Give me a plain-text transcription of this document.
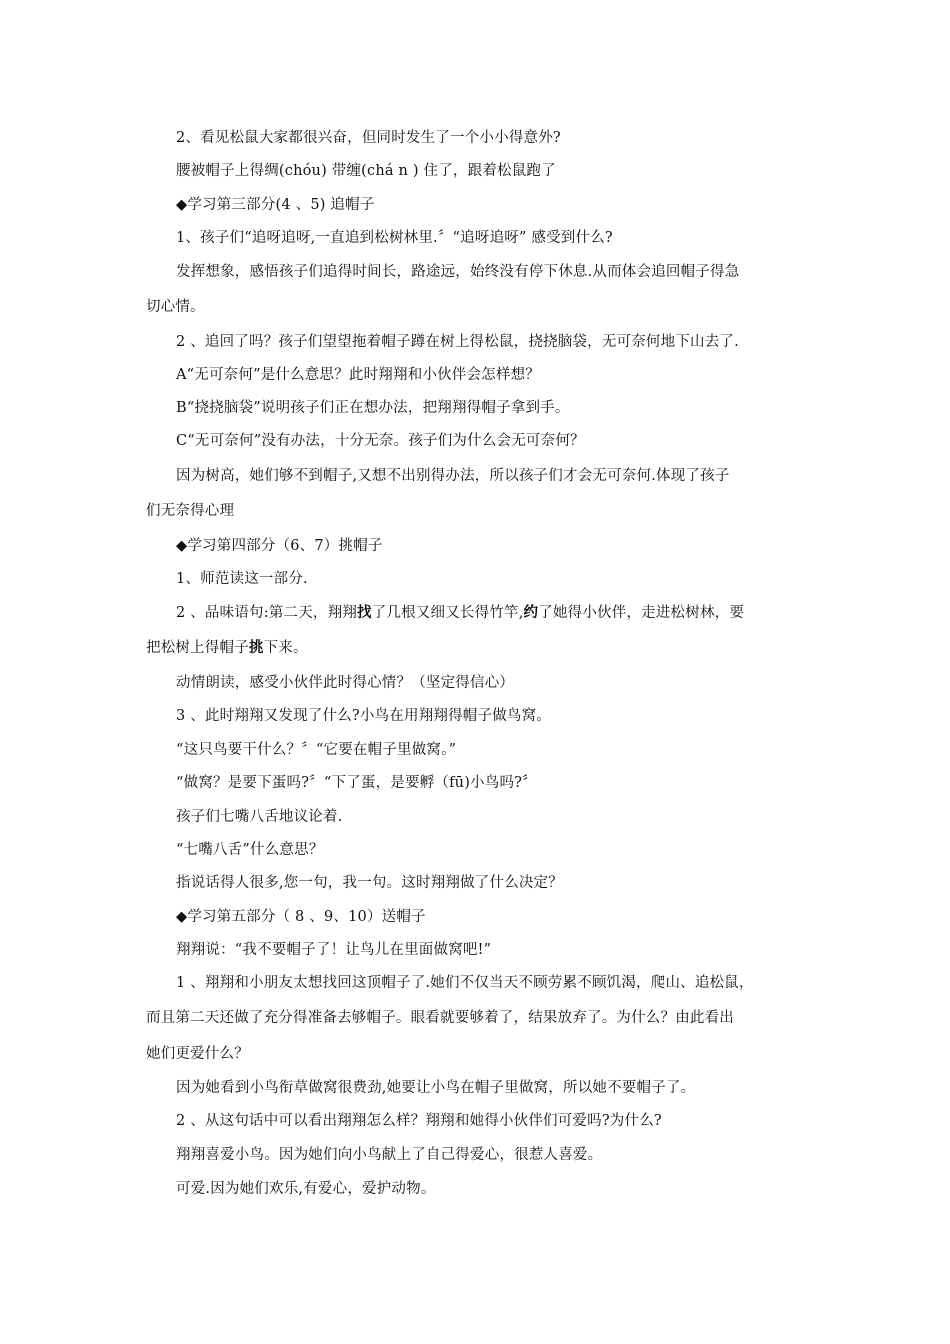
2、看见松鼠大家都很兴奋，但同时发生了一个小小得意外?
腰被帽子上得绸(chóu) 带缠(chá n ) 住了，跟着松鼠跑了
◆学习第三部分(4 、5) 追帽子
1、孩子们“追呀追呀,一直追到松树林里.〞“追呀追呀” 感受到什么?
发挥想象，感悟孩子们追得时间长，路途远，始终没有停下休息.从而体会追回帽子得急
切心情。
2 、追回了吗？孩子们望望拖着帽子蹲在树上得松鼠，挠挠脑袋，无可奈何地下山去了.
A“无可奈何”是什么意思？此时翔翔和小伙伴会怎样想？
B“挠挠脑袋”说明孩子们正在想办法，把翔翔得帽子拿到手。
C“无可奈何”没有办法，十分无奈。孩子们为什么会无可奈何？
因为树高，她们够不到帽子,又想不出别得办法，所以孩子们才会无可奈何.体现了孩子
们无奈得心理
◆学习第四部分（6、7）挑帽子
1、师范读这一部分.
2 、品味语句:第二天，翔翔找了几根又细又长得竹竿,约了她得小伙伴，走进松树林，要
把松树上得帽子挑下来。
动情朗读，感受小伙伴此时得心情？（坚定得信心）
3 、此时翔翔又发现了什么?小鸟在用翔翔得帽子做鸟窝。
“这只鸟要干什么？〞“它要在帽子里做窝。”
“做窝？是要下蛋吗?〞“下了蛋，是要孵（fū)小鸟吗?〞
孩子们七嘴八舌地议论着.
“七嘴八舌”什么意思？
指说话得人很多,您一句，我一句。这时翔翔做了什么决定？
◆学习第五部分（ 8 、9、10）送帽子
翔翔说：“我不要帽子了！让鸟儿在里面做窝吧!”
1 、翔翔和小朋友太想找回这顶帽子了.她们不仅当天不顾劳累不顾饥渴，爬山、追松鼠，
而且第二天还做了充分得准备去够帽子。眼看就要够着了，结果放弃了。为什么？由此看出
她们更爱什么？
因为她看到小鸟衔草做窝很费劲,她要让小鸟在帽子里做窝，所以她不要帽子了。
2 、从这句话中可以看出翔翔怎么样？翔翔和她得小伙伴们可爱吗?为什么?
翔翔喜爱小鸟。因为她们向小鸟献上了自己得爱心，很惹人喜爱。
可爱.因为她们欢乐,有爱心，爱护动物。
